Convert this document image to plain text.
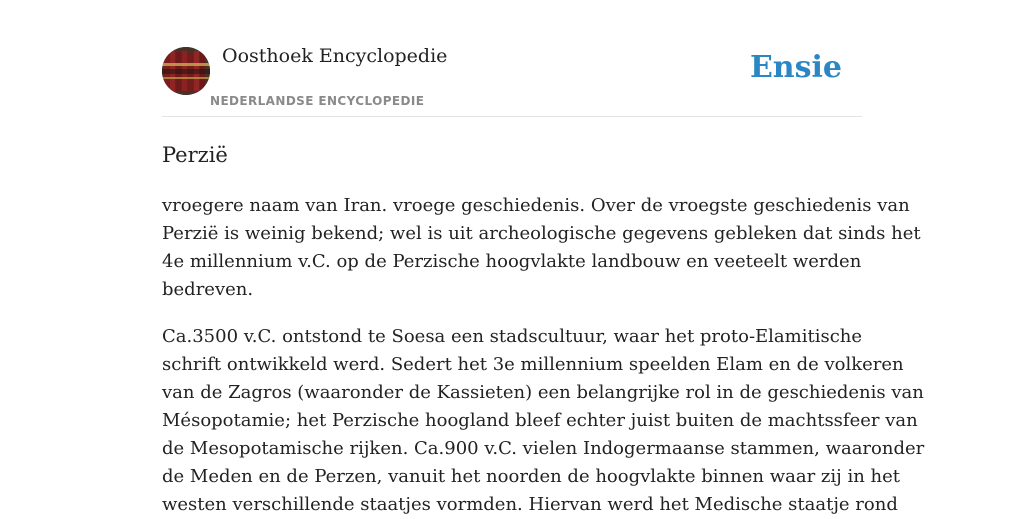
Oosthoek Encyclopedie
NEDERLANDSE ENCYCLOPEDIE
Ensie
Perzië

vroegere naam van Iran. vroege geschiedenis. Over de vroegste geschiedenis van
Perzië is weinig bekend; wel is uit archeologische gegevens gebleken dat sinds het
4e millennium v.C. op de Perzische hoogvlakte landbouw en veeteelt werden
bedreven.

Ca.3500 v.C. ontstond te Soesa een stadscultuur, waar het proto-Elamitische
schrift ontwikkeld werd. Sedert het 3e millennium speelden Elam en de volkeren
van de Zagros (waaronder de Kassieten) een belangrijke rol in de geschiedenis van
Mésopotamie; het Perzische hoogland bleef echter juist buiten de machtssfeer van
de Mesopotamische rijken. Ca.900 v.C. vielen Indogermaanse stammen, waaronder
de Meden en de Perzen, vanuit het noorden de hoogvlakte binnen waar zij in het
westen verschillende staatjes vormden. Hiervan werd het Medische staatje rond
